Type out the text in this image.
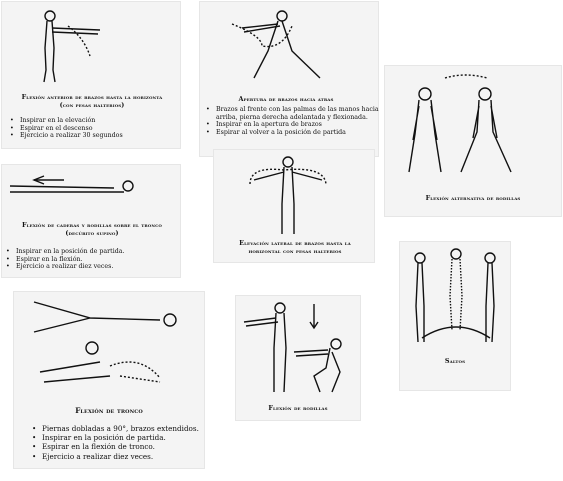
Flexión anterior de brazos hasta la horizonta
(con pesas halterios)
• Inspirar en la elevación
• Espirar en el descenso
• Ejercicio a realizar 30 segundos
Apertura de brazos hacia atras
• Brazos al frente con las palmas de las manos hacia arriba, pierna derecha adelantada y flexionada.
• Inspirar en la apertura de brazos
• Espirar al volver a la posición de partida
Flexión alternativa de rodillas
Flexión de caderas y rodillas sobre el tronco
(decúbito supino)
• Inspirar en la posición de partida.
• Espirar en la flexión.
• Ejercicio a realizar diez veces.
Elevación lateral de brazos hasta la
horizontal con pesas halterios
Saltos
Flexión de tronco
• Piernas dobladas a 90°, brazos extendidos.
• Inspirar en la posición de partida.
• Espirar en la flexión de tronco.
• Ejercicio a realizar diez veces.
Flexión de rodillas
